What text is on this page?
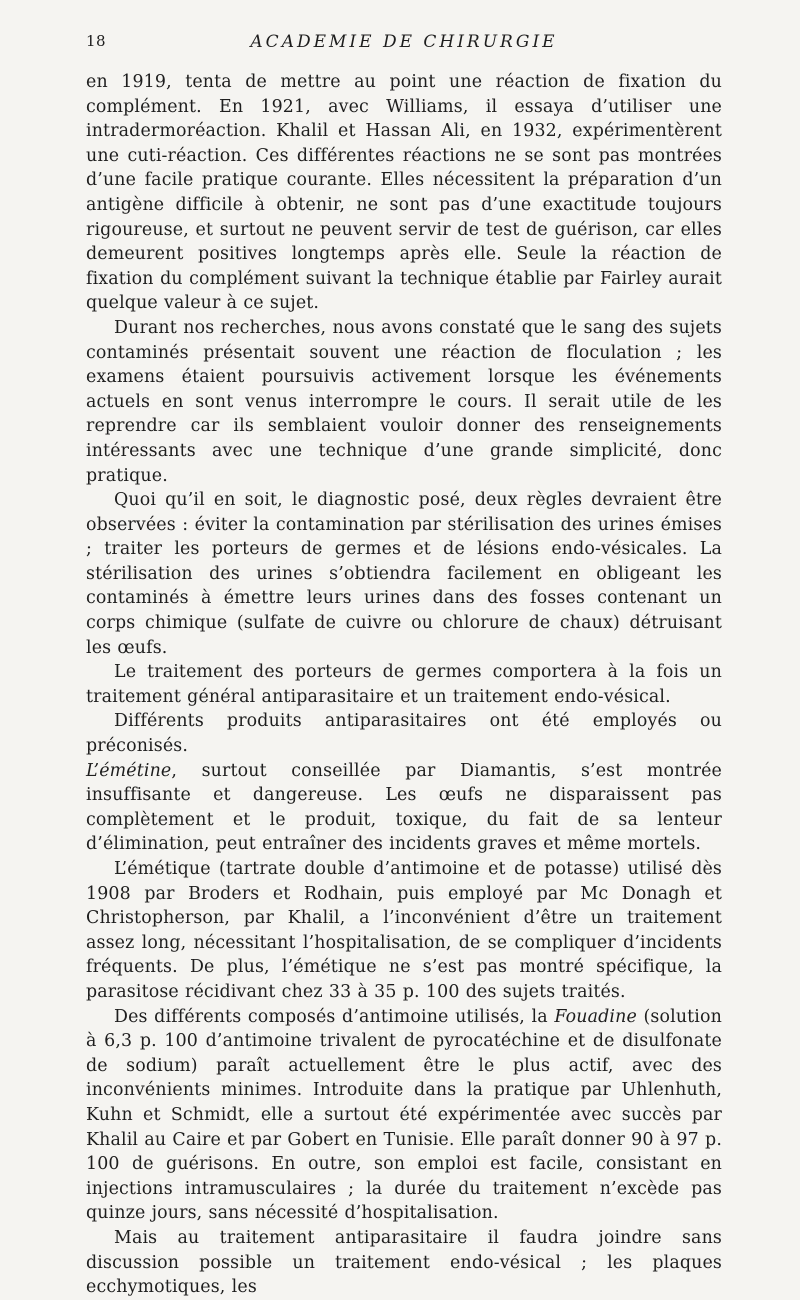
18	ACADEMIE DE CHIRURGIE

en 1919, tenta de mettre au point une réaction de fixation du complément. En 1921, avec Williams, il essaya d’utiliser une intradermoréaction. Khalil et Hassan Ali, en 1932, expérimentèrent une cuti-réaction. Ces différentes réactions ne se sont pas montrées d’une facile pratique courante. Elles nécessitent la préparation d’un antigène difficile à obtenir, ne sont pas d’une exactitude toujours rigoureuse, et surtout ne peuvent servir de test de guérison, car elles demeurent positives longtemps après elle. Seule la réaction de fixation du complément suivant la technique établie par Fairley aurait quelque valeur à ce sujet.

Durant nos recherches, nous avons constaté que le sang des sujets contaminés présentait souvent une réaction de floculation ; les examens étaient poursuivis activement lorsque les événements actuels en sont venus interrompre le cours. Il serait utile de les reprendre car ils semblaient vouloir donner des renseignements intéressants avec une technique d’une grande simplicité, donc pratique.

Quoi qu’il en soit, le diagnostic posé, deux règles devraient être observées : éviter la contamination par stérilisation des urines émises ; traiter les porteurs de germes et de lésions endo-vésicales. La stérilisation des urines s’obtiendra facilement en obligeant les contaminés à émettre leurs urines dans des fosses contenant un corps chimique (sulfate de cuivre ou chlorure de chaux) détruisant les œufs.

Le traitement des porteurs de germes comportera à la fois un traitement général antiparasitaire et un traitement endo-vésical.

Différents produits antiparasitaires ont été employés ou préconisés.
L’émétine, surtout conseillée par Diamantis, s’est montrée insuffisante et dangereuse. Les œufs ne disparaissent pas complètement et le produit, toxique, du fait de sa lenteur d’élimination, peut entraîner des incidents graves et même mortels.

L’émétique (tartrate double d’antimoine et de potasse) utilisé dès 1908 par Broders et Rodhain, puis employé par Mc Donagh et Christopherson, par Khalil, a l’inconvénient d’être un traitement assez long, nécessitant l’hospitalisation, de se compliquer d’incidents fréquents. De plus, l’émétique ne s’est pas montré spécifique, la parasitose récidivant chez 33 à 35 p. 100 des sujets traités.

Des différents composés d’antimoine utilisés, la Fouadine (solution à 6,3 p. 100 d’antimoine trivalent de pyrocatéchine et de disulfonate de sodium) paraît actuellement être le plus actif, avec des inconvénients minimes. Introduite dans la pratique par Uhlenhuth, Kuhn et Schmidt, elle a surtout été expérimentée avec succès par Khalil au Caire et par Gobert en Tunisie. Elle paraît donner 90 à 97 p. 100 de guérisons. En outre, son emploi est facile, consistant en injections intramusculaires ; la durée du traitement n’excède pas quinze jours, sans nécessité d’hospitalisation.

Mais au traitement antiparasitaire il faudra joindre sans discussion possible un traitement endo-vésical ; les plaques ecchymotiques, les
